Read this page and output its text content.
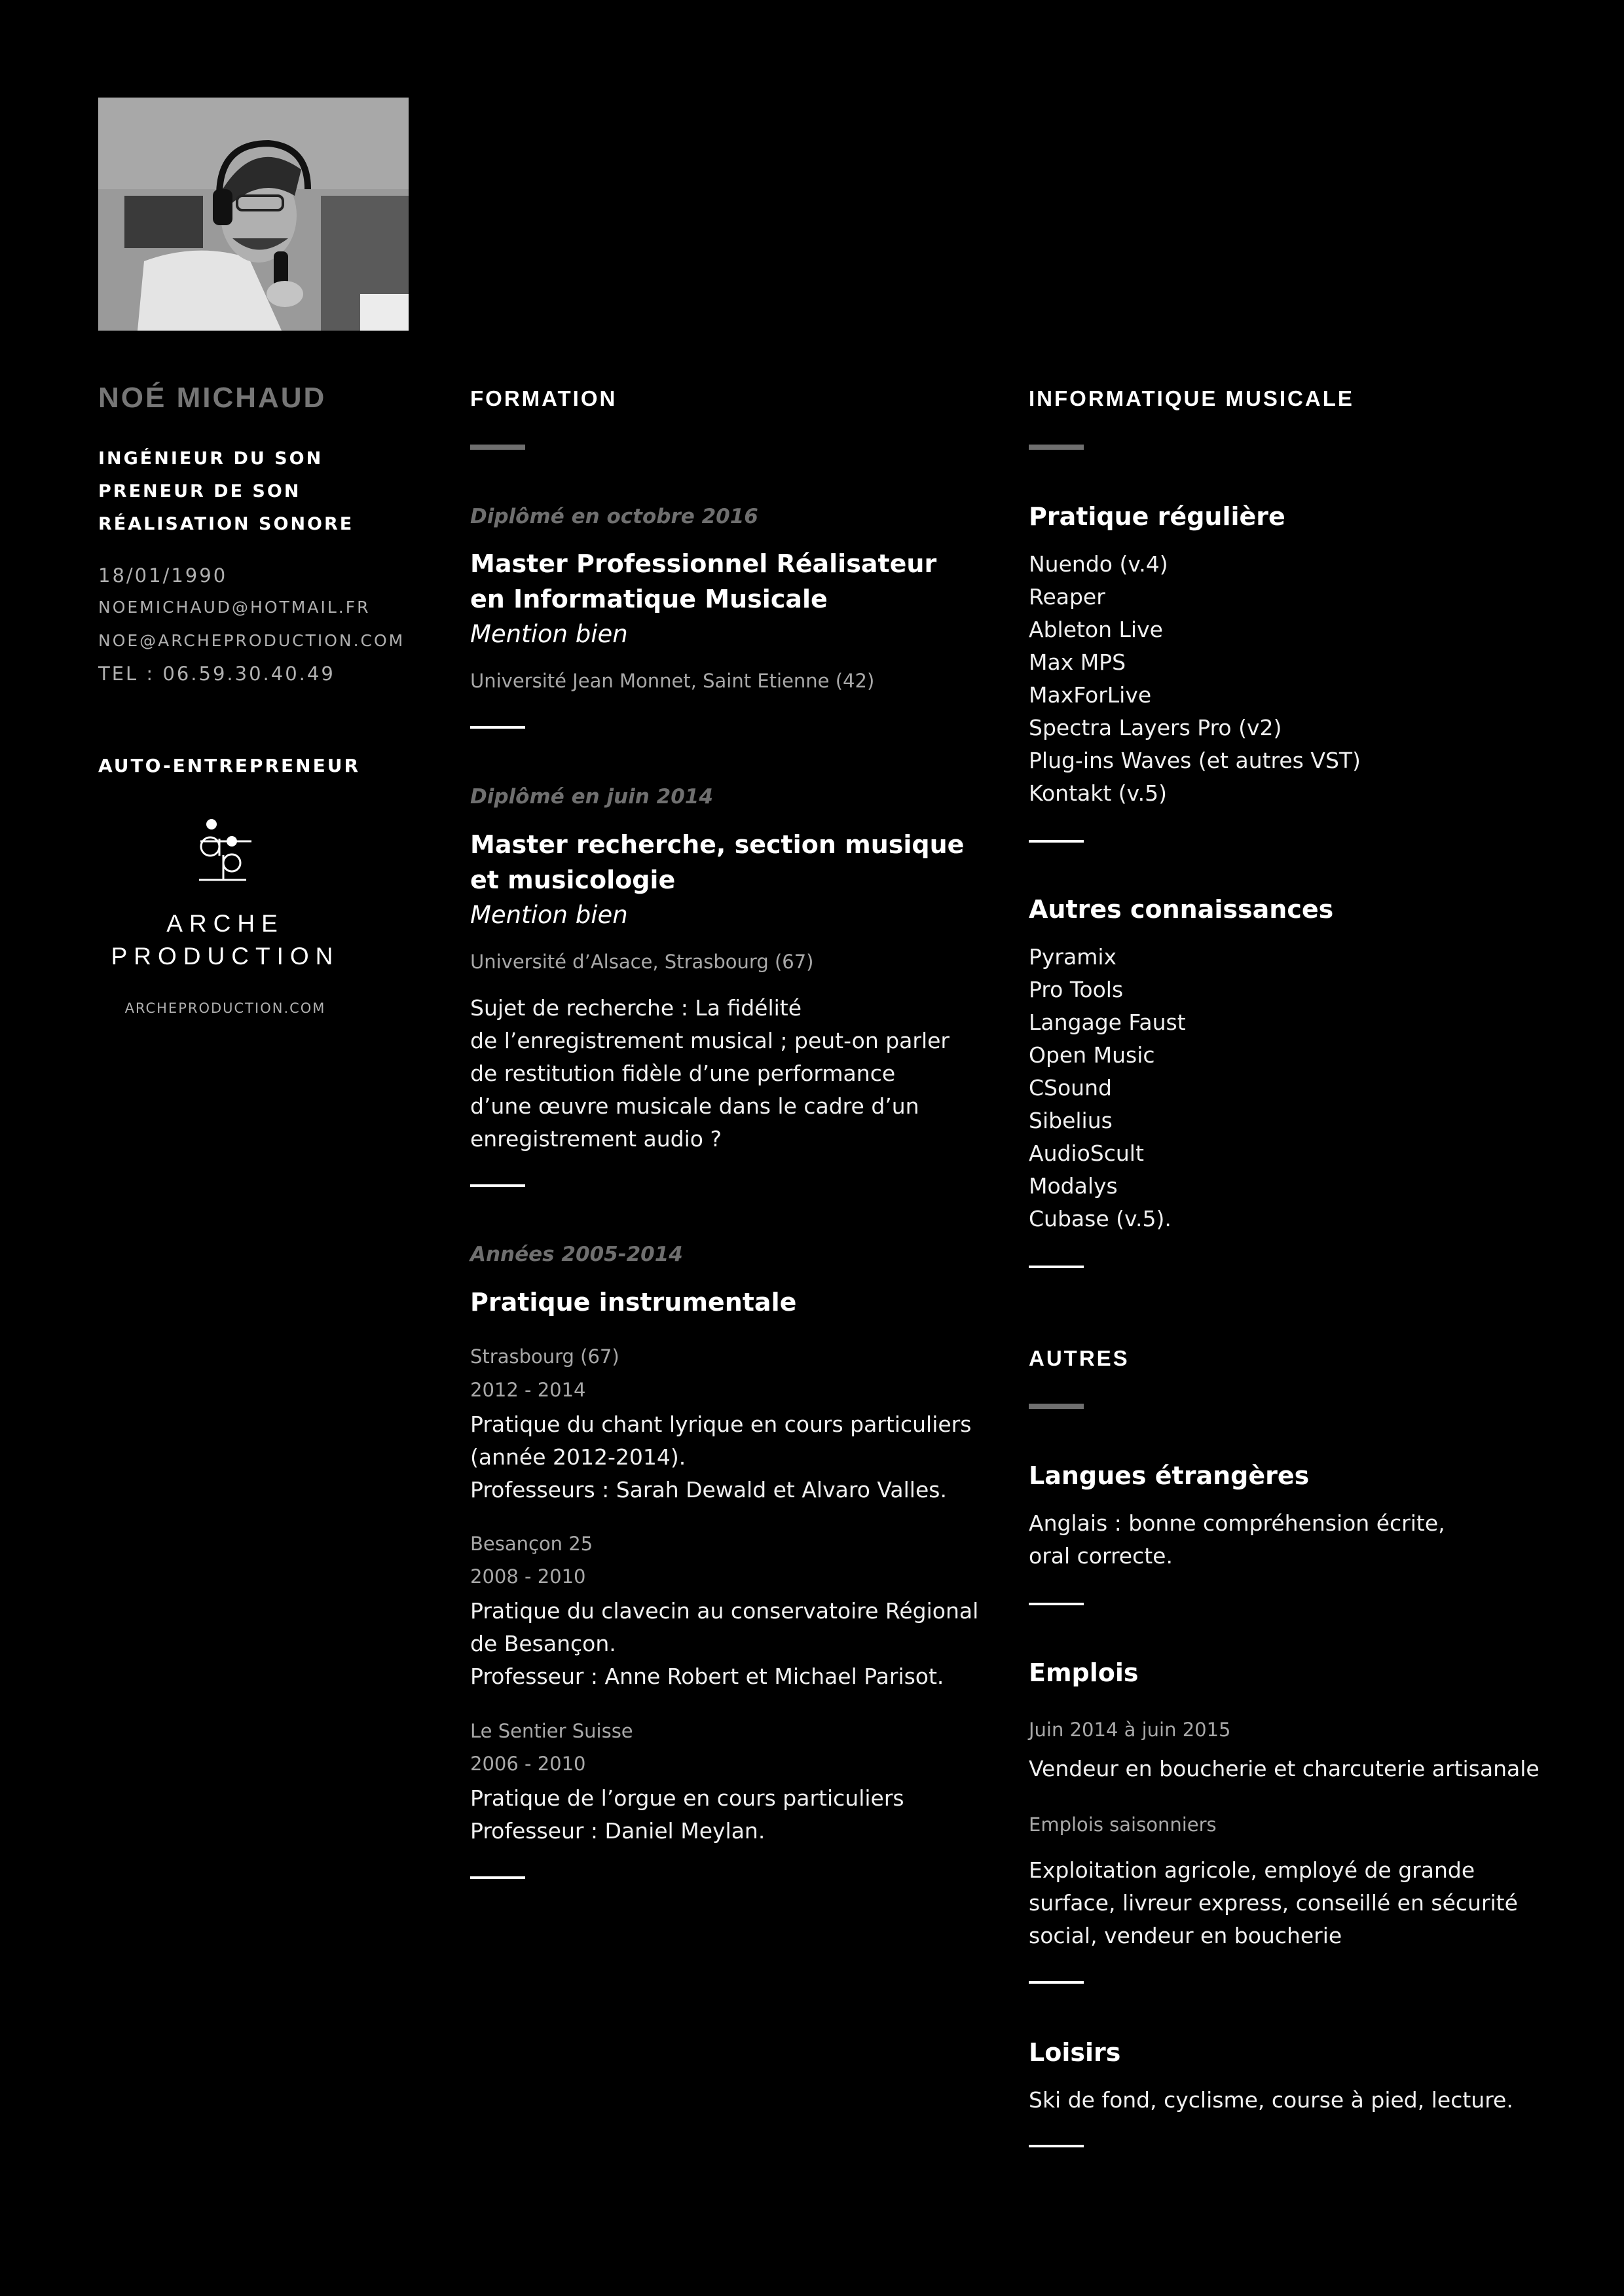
NOÉ MICHAUD
INGÉNIEUR DU SON
PRENEUR DE SON
RÉALISATION SONORE
18/01/1990
NOEMICHAUD@HOTMAIL.FR
NOE@ARCHEPRODUCTION.COM
TEL : 06.59.30.40.49
AUTO-ENTREPRENEUR
ARCHE
PRODUCTION
ARCHEPRODUCTION.COM
FORMATION
Diplômé en octobre 2016
Master Professionnel Réalisateur
en Informatique Musicale
Mention bien
Université Jean Monnet, Saint Etienne (42)
Diplômé en juin 2014
Master recherche, section musique
et musicologie
Mention bien
Université d’Alsace, Strasbourg (67)
Sujet de recherche : La fidélité
de l’enregistrement musical ; peut-on parler
de restitution fidèle d’une performance
d’une œuvre musicale dans le cadre d’un
enregistrement audio ?
Années 2005-2014
Pratique instrumentale
Strasbourg (67)
2012 - 2014
Pratique du chant lyrique en cours particuliers
(année 2012-2014).
Professeurs : Sarah Dewald et Alvaro Valles.
Besançon 25
2008 - 2010
Pratique du clavecin au conservatoire Régional
de Besançon.
Professeur : Anne Robert et Michael Parisot.
Le Sentier Suisse
2006 - 2010
Pratique de l’orgue en cours particuliers
Professeur : Daniel Meylan.
INFORMATIQUE MUSICALE
Pratique régulière
Nuendo (v.4)
Reaper
Ableton Live
Max MPS
MaxForLive
Spectra Layers Pro (v2)
Plug-ins Waves (et autres VST)
Kontakt (v.5)
Autres connaissances
Pyramix
Pro Tools
Langage Faust
Open Music
CSound
Sibelius
AudioScult
Modalys
Cubase (v.5).
AUTRES
Langues étrangères
Anglais : bonne compréhension écrite,
oral correcte.
Emplois
Juin 2014 à juin 2015
Vendeur en boucherie et charcuterie artisanale
Emplois saisonniers
Exploitation agricole, employé de grande
surface, livreur express, conseillé en sécurité
social, vendeur en boucherie
Loisirs
Ski de fond, cyclisme, course à pied, lecture.
